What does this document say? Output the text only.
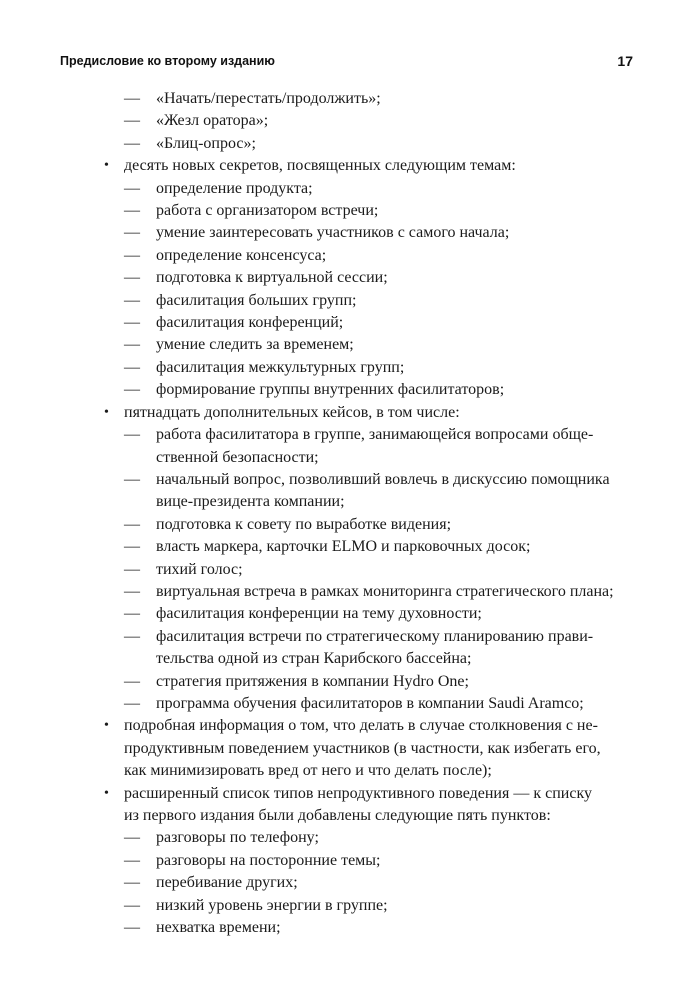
Предисловие ко второму изданию	17
— «Начать/перестать/продолжить»;
— «Жезл оратора»;
— «Блиц-опрос»;
• десять новых секретов, посвященных следующим темам:
— определение продукта;
— работа с организатором встречи;
— умение заинтересовать участников с самого начала;
— определение консенсуса;
— подготовка к виртуальной сессии;
— фасилитация больших групп;
— фасилитация конференций;
— умение следить за временем;
— фасилитация межкультурных групп;
— формирование группы внутренних фасилитаторов;
• пятнадцать дополнительных кейсов, в том числе:
— работа фасилитатора в группе, занимающейся вопросами обще-
ственной безопасности;
— начальный вопрос, позволивший вовлечь в дискуссию помощника
вице-президента компании;
— подготовка к совету по выработке видения;
— власть маркера, карточки ELMO и парковочных досок;
— тихий голос;
— виртуальная встреча в рамках мониторинга стратегического плана;
— фасилитация конференции на тему духовности;
— фасилитация встречи по стратегическому планированию прави-
тельства одной из стран Карибского бассейна;
— стратегия притяжения в компании Hydro One;
— программа обучения фасилитаторов в компании Saudi Aramco;
• подробная информация о том, что делать в случае столкновения с не-
продуктивным поведением участников (в частности, как избегать его,
как минимизировать вред от него и что делать после);
• расширенный список типов непродуктивного поведения — к списку
из первого издания были добавлены следующие пять пунктов:
— разговоры по телефону;
— разговоры на посторонние темы;
— перебивание других;
— низкий уровень энергии в группе;
— нехватка времени;
